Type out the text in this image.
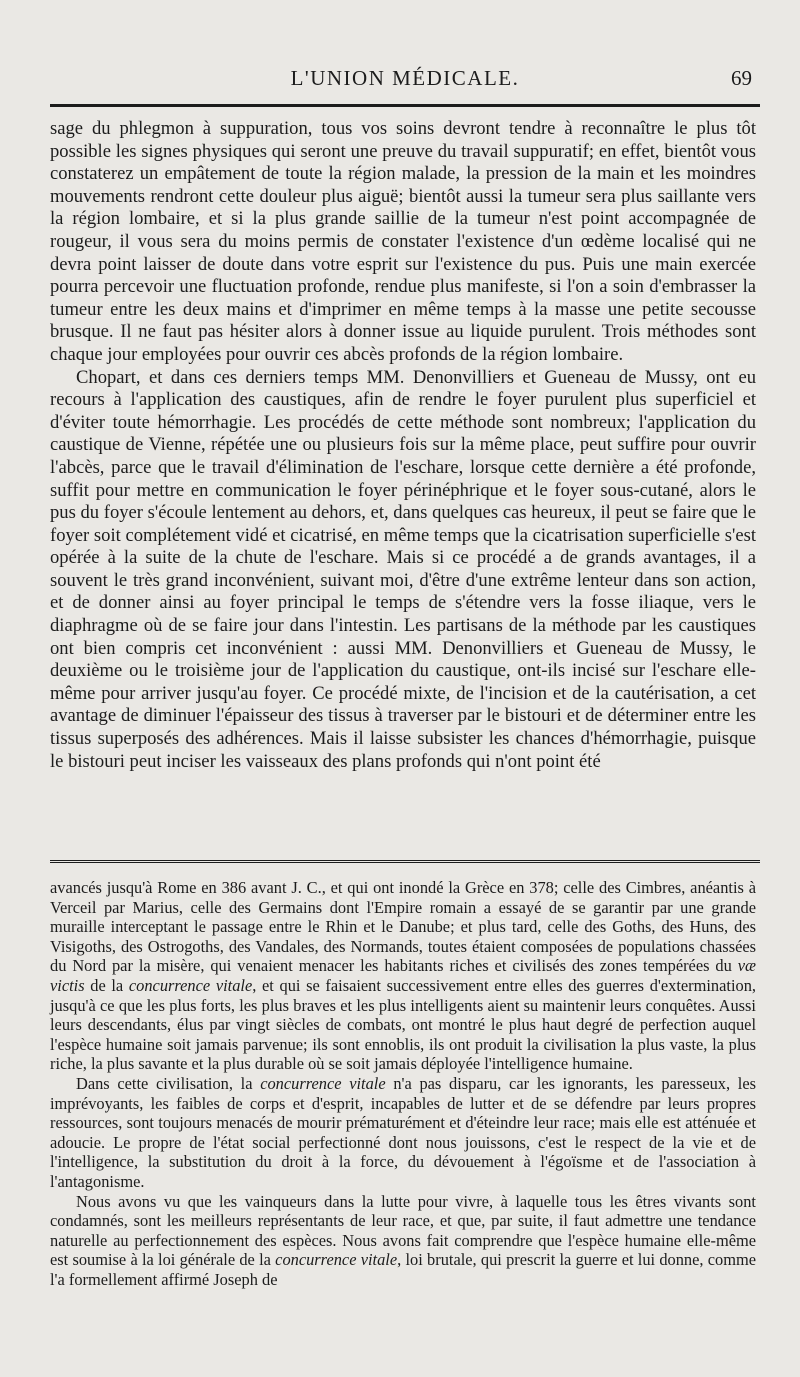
L'UNION MÉDICALE.	69

sage du phlegmon à suppuration, tous vos soins devront tendre à reconnaître le plus tôt possible les signes physiques qui seront une preuve du travail suppuratif; en effet, bientôt vous constaterez un empâtement de toute la région malade, la pression de la main et les moindres mouvements rendront cette douleur plus aiguë; bientôt aussi la tumeur sera plus saillante vers la région lombaire, et si la plus grande saillie de la tumeur n'est point accompagnée de rougeur, il vous sera du moins permis de constater l'existence d'un œdème localisé qui ne devra point laisser de doute dans votre esprit sur l'existence du pus. Puis une main exercée pourra percevoir une fluctuation profonde, rendue plus manifeste, si l'on a soin d'embrasser la tumeur entre les deux mains et d'imprimer en même temps à la masse une petite secousse brusque. Il ne faut pas hésiter alors à donner issue au liquide purulent. Trois méthodes sont chaque jour employées pour ouvrir ces abcès profonds de la région lombaire.

Chopart, et dans ces derniers temps MM. Denonvilliers et Gueneau de Mussy, ont eu recours à l'application des caustiques, afin de rendre le foyer purulent plus superficiel et d'éviter toute hémorrhagie. Les procédés de cette méthode sont nombreux; l'application du caustique de Vienne, répétée une ou plusieurs fois sur la même place, peut suffire pour ouvrir l'abcès, parce que le travail d'élimination de l'eschare, lorsque cette dernière a été profonde, suffit pour mettre en communication le foyer périnéphrique et le foyer sous-cutané, alors le pus du foyer s'écoule lentement au dehors, et, dans quelques cas heureux, il peut se faire que le foyer soit complétement vidé et cicatrisé, en même temps que la cicatrisation superficielle s'est opérée à la suite de la chute de l'eschare. Mais si ce procédé a de grands avantages, il a souvent le très grand inconvénient, suivant moi, d'être d'une extrême lenteur dans son action, et de donner ainsi au foyer principal le temps de s'étendre vers la fosse iliaque, vers le diaphragme où de se faire jour dans l'intestin. Les partisans de la méthode par les caustiques ont bien compris cet inconvénient : aussi MM. Denonvilliers et Gueneau de Mussy, le deuxième ou le troisième jour de l'application du caustique, ont-ils incisé sur l'eschare elle-même pour arriver jusqu'au foyer. Ce procédé mixte, de l'incision et de la cautérisation, a cet avantage de diminuer l'épaisseur des tissus à traverser par le bistouri et de déterminer entre les tissus superposés des adhérences. Mais il laisse subsister les chances d'hémorrhagie, puisque le bistouri peut inciser les vaisseaux des plans profonds qui n'ont point été

avancés jusqu'à Rome en 386 avant J. C., et qui ont inondé la Grèce en 378; celle des Cimbres, anéantis à Verceil par Marius, celle des Germains dont l'Empire romain a essayé de se garantir par une grande muraille interceptant le passage entre le Rhin et le Danube; et plus tard, celle des Goths, des Huns, des Visigoths, des Ostrogoths, des Vandales, des Normands, toutes étaient composées de populations chassées du Nord par la misère, qui venaient menacer les habitants riches et civilisés des zones tempérées du væ victis de la concurrence vitale, et qui se faisaient successivement entre elles des guerres d'extermination, jusqu'à ce que les plus forts, les plus braves et les plus intelligents aient su maintenir leurs conquêtes. Aussi leurs descendants, élus par vingt siècles de combats, ont montré le plus haut degré de perfection auquel l'espèce humaine soit jamais parvenue; ils sont ennoblis, ils ont produit la civilisation la plus vaste, la plus riche, la plus savante et la plus durable où se soit jamais déployée l'intelligence humaine.

Dans cette civilisation, la concurrence vitale n'a pas disparu, car les ignorants, les paresseux, les imprévoyants, les faibles de corps et d'esprit, incapables de lutter et de se défendre par leurs propres ressources, sont toujours menacés de mourir prématurément et d'éteindre leur race; mais elle est atténuée et adoucie. Le propre de l'état social perfectionné dont nous jouissons, c'est le respect de la vie et de l'intelligence, la substitution du droit à la force, du dévouement à l'égoïsme et de l'association à l'antagonisme.

Nous avons vu que les vainqueurs dans la lutte pour vivre, à laquelle tous les êtres vivants sont condamnés, sont les meilleurs représentants de leur race, et que, par suite, il faut admettre une tendance naturelle au perfectionnement des espèces. Nous avons fait comprendre que l'espèce humaine elle-même est soumise à la loi générale de la concurrence vitale, loi brutale, qui prescrit la guerre et lui donne, comme l'a formellement affirmé Joseph de
